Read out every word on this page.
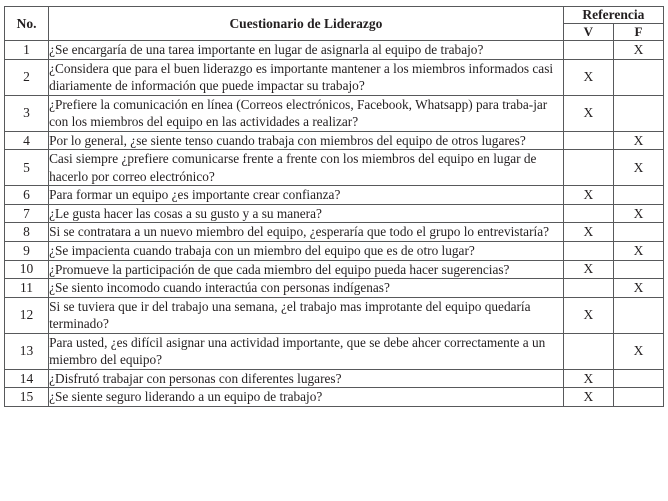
No.	Cuestionario de Liderazgo	Referencia	
		V	F
1	¿Se encargaría de una tarea importante en lugar de asignarla al equipo de trabajo?		X
2	¿Considera que para el buen liderazgo es importante mantener a los miembros informados casi diariamente de información que puede impactar su trabajo?	X	
3	¿Prefiere la comunicación en línea (Correos electrónicos, Facebook, Whatsapp) para traba-jar con los miembros del equipo en las actividades a realizar?	X	
4	Por lo general, ¿se siente tenso cuando trabaja con miembros del equipo de otros lugares?		X
5	Casi siempre ¿prefiere comunicarse frente a frente con los miembros del equipo en lugar de hacerlo por correo electrónico?		X
6	Para formar un equipo ¿es importante crear confianza?	X	
7	¿Le gusta hacer las cosas a su gusto y a su manera?		X
8	Si se contratara a un nuevo miembro del equipo, ¿esperaría que todo el grupo lo entrevistaría?	X	
9	¿Se impacienta cuando trabaja con un miembro del equipo que es de otro lugar?		X
10	¿Promueve la participación de que cada miembro del equipo pueda hacer sugerencias?	X	
11	¿Se siento incomodo cuando interactúa con personas indígenas?		X
12	Si se tuviera que ir del trabajo una semana, ¿el trabajo mas improtante del equipo quedaría terminado?	X	
13	Para usted, ¿es difícil asignar una actividad importante, que se debe ahcer correctamente a un miembro del equipo?		X
14	¿Disfrutó trabajar con personas con diferentes lugares?	X	
15	¿Se siente seguro liderando a un equipo de trabajo?	X	
